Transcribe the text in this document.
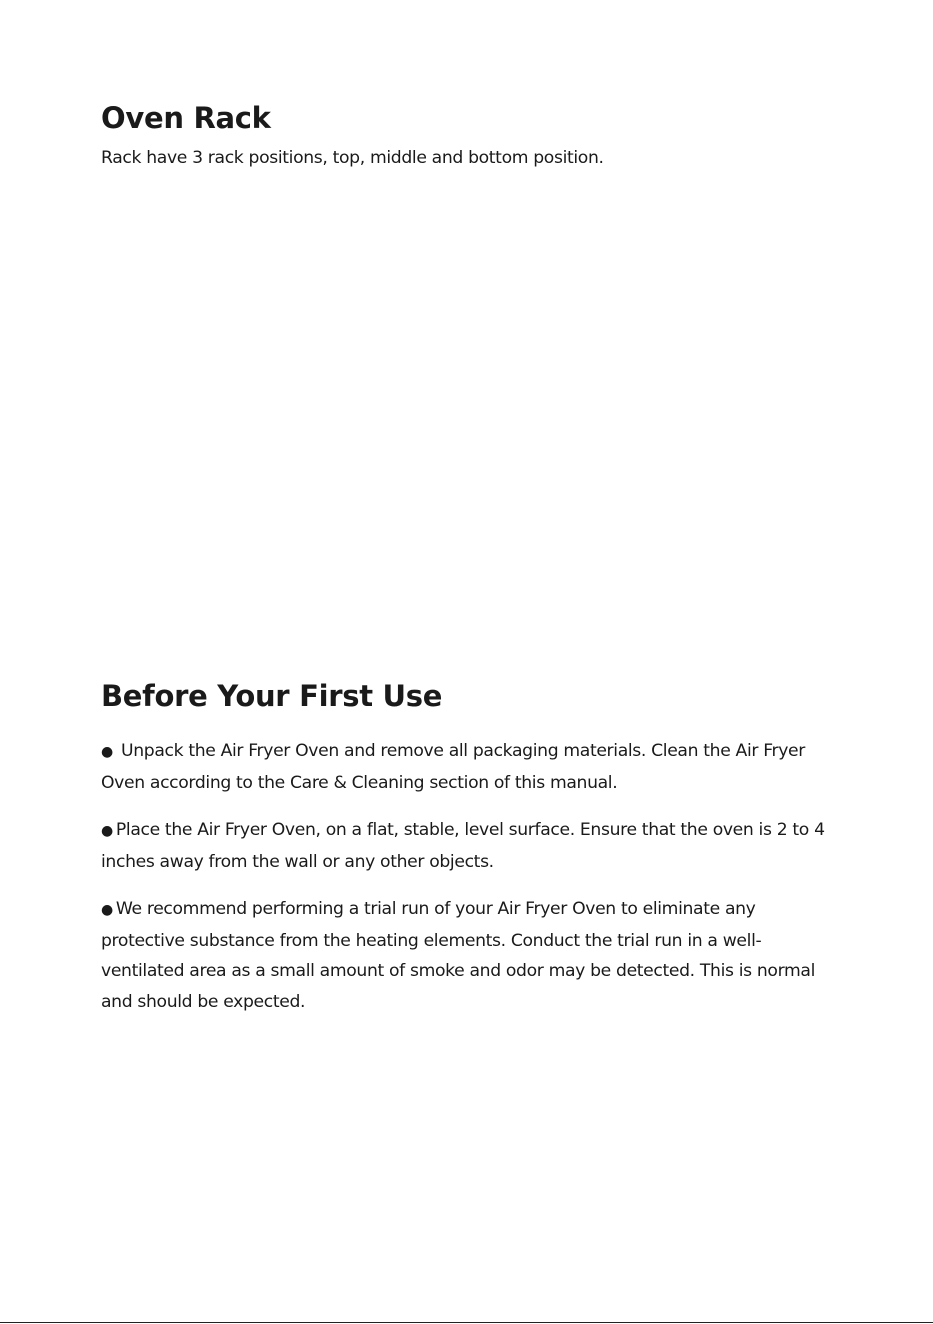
Oven Rack

Rack have 3 rack positions, top, middle and bottom position.

Before Your First Use
● Unpack the Air Fryer Oven and remove all packaging materials. Clean the Air Fryer Oven according to the Care & Cleaning section of this manual.
● Place the Air Fryer Oven, on a flat, stable, level surface. Ensure that the oven is 2 to 4 inches away from the wall or any other objects.
● We recommend performing a trial run of your Air Fryer Oven to eliminate any protective substance from the heating elements. Conduct the trial run in a well-ventilated area as a small amount of smoke and odor may be detected. This is normal and should be expected.
